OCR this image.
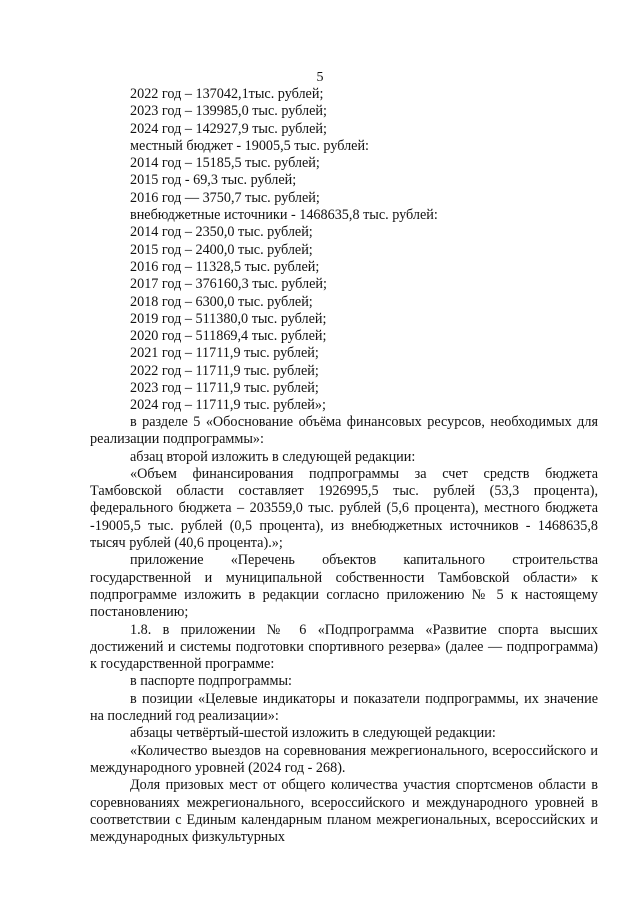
5
2022 год – 137042,1тыс. рублей;
2023 год – 139985,0 тыс. рублей;
2024 год – 142927,9 тыс. рублей;
местный бюджет - 19005,5 тыс. рублей:
2014 год – 15185,5 тыс. рублей;
2015 год - 69,3 тыс. рублей;
2016 год — 3750,7 тыс. рублей;
внебюджетные источники - 1468635,8 тыс. рублей:
2014 год – 2350,0 тыс. рублей;
2015 год – 2400,0 тыс. рублей;
2016 год – 11328,5 тыс. рублей;
2017 год – 376160,3 тыс. рублей;
2018 год – 6300,0 тыс. рублей;
2019 год – 511380,0 тыс. рублей;
2020 год – 511869,4 тыс. рублей;
2021 год – 11711,9 тыс. рублей;
2022 год – 11711,9 тыс. рублей;
2023 год – 11711,9 тыс. рублей;
2024 год – 11711,9 тыс. рублей»;

в разделе 5 «Обоснование объёма финансовых ресурсов, необходимых для реализации подпрограммы»:

абзац второй изложить в следующей редакции:

«Объем финансирования подпрограммы за счет средств бюджета Тамбовской области составляет 1926995,5 тыс. рублей (53,3 процента), федерального бюджета – 203559,0 тыс. рублей (5,6 процента), местного бюджета -19005,5 тыс. рублей (0,5 процента), из внебюджетных источников - 1468635,8 тысяч рублей (40,6 процента).»;

приложение «Перечень объектов капитального строительства государственной и муниципальной собственности Тамбовской области» к подпрограмме изложить в редакции согласно приложению № 5 к настоящему постановлению;

1.8. в приложении № 6 «Подпрограмма «Развитие спорта высших достижений и системы подготовки спортивного резерва» (далее — подпрограмма) к государственной программе:

в паспорте подпрограммы:

в позиции «Целевые индикаторы и показатели подпрограммы, их значение на последний год реализации»:

абзацы четвёртый-шестой изложить в следующей редакции:

«Количество выездов на соревнования межрегионального, всероссийского и международного уровней (2024 год - 268).

Доля призовых мест от общего количества участия спортсменов области в соревнованиях межрегионального, всероссийского и международного уровней в соответствии с Единым календарным планом межрегиональных, всероссийских и международных физкультурных
